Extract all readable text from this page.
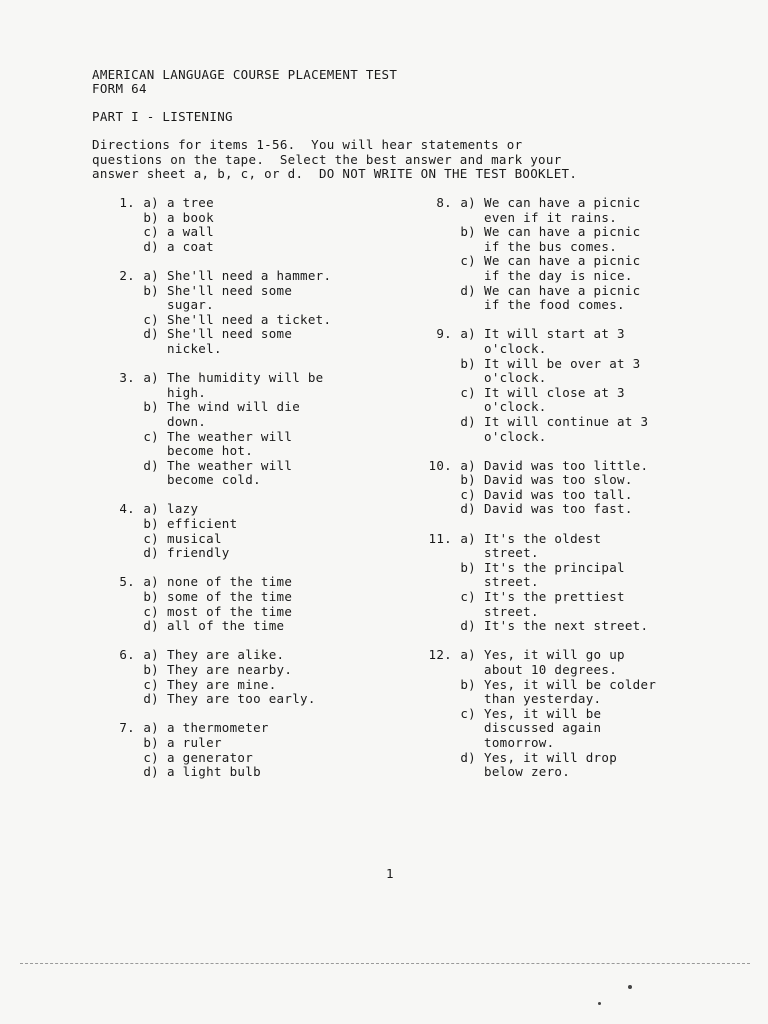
AMERICAN LANGUAGE COURSE PLACEMENT TEST
FORM 64
PART I - LISTENING
Directions for items 1-56.  You will hear statements or
questions on the tape.  Select the best answer and mark your
answer sheet a, b, c, or d.  DO NOT WRITE ON THE TEST BOOKLET.
1. a) a tree
b) a book
c) a wall
d) a coat
2. a) She'll need a hammer.
b) She'll need some
sugar.
c) She'll need a ticket.
d) She'll need some
nickel.
3. a) The humidity will be
high.
b) The wind will die
down.
c) The weather will
become hot.
d) The weather will
become cold.
4. a) lazy
b) efficient
c) musical
d) friendly
5. a) none of the time
b) some of the time
c) most of the time
d) all of the time
6. a) They are alike.
b) They are nearby.
c) They are mine.
d) They are too early.
7. a) a thermometer
b) a ruler
c) a generator
d) a light bulb
8. a) We can have a picnic
even if it rains.
b) We can have a picnic
if the bus comes.
c) We can have a picnic
if the day is nice.
d) We can have a picnic
if the food comes.
9. a) It will start at 3
o'clock.
b) It will be over at 3
o'clock.
c) It will close at 3
o'clock.
d) It will continue at 3
o'clock.
10. a) David was too little.
b) David was too slow.
c) David was too tall.
d) David was too fast.
11. a) It's the oldest
street.
b) It's the principal
street.
c) It's the prettiest
street.
d) It's the next street.
12. a) Yes, it will go up
about 10 degrees.
b) Yes, it will be colder
than yesterday.
c) Yes, it will be
discussed again
tomorrow.
d) Yes, it will drop
below zero.
1
